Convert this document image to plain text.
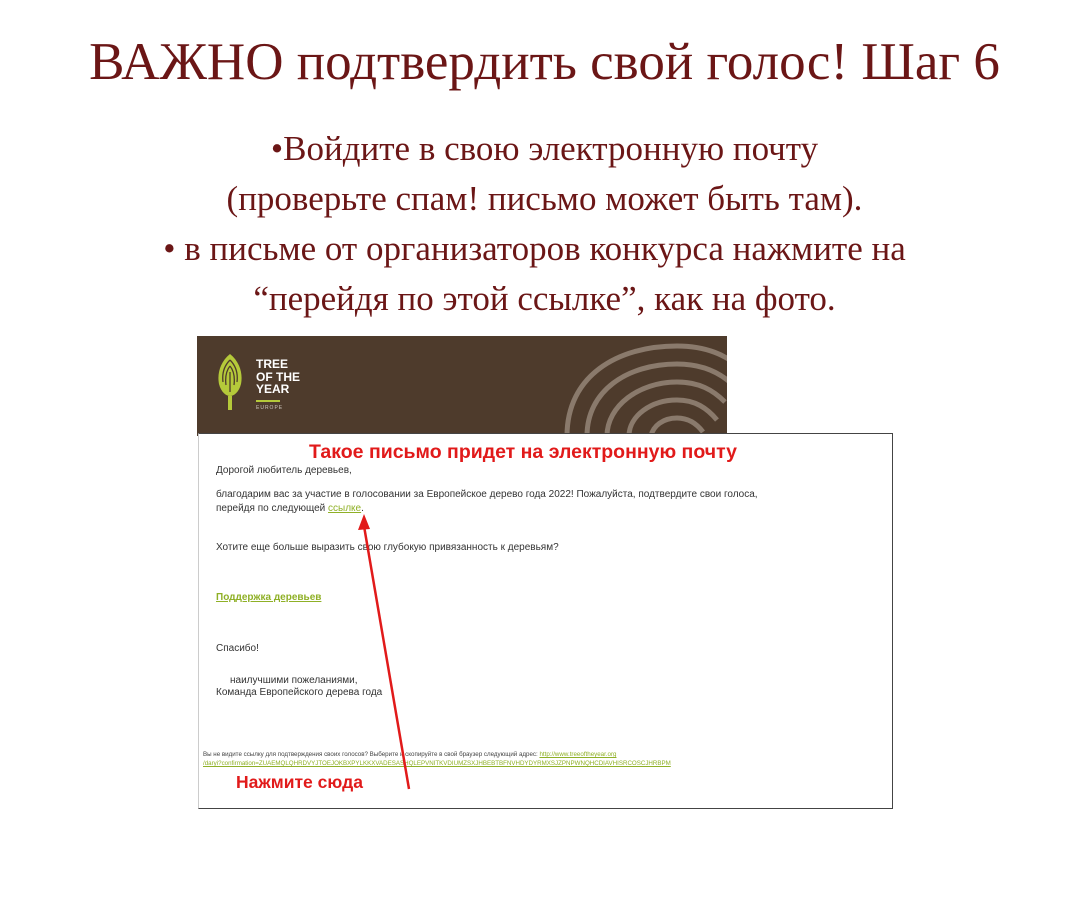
ВАЖНО подтвердить свой голос! Шаг 6
•Войдите в свою электронную почту
(проверьте спам! письмо может быть там).
• в письме от организаторов конкурса нажмите на
“перейдя по этой ссылке”, как на фото.
TREE
OF THE
YEAR
EUROPE
Такое письмо придет на электронную почту
Дорогой любитель деревьев,
благодарим вас за участие в голосовании за Европейское дерево года 2022! Пожалуйста, подтвердите свои голоса,
перейдя по следующей ссылке.
Хотите еще больше выразить свою глубокую привязанность к деревьям?
Поддержка деревьев
Спасибо!
наилучшими пожеланиями,
Команда Европейского дерева года
Вы не видите ссылку для подтверждения своих голосов? Выберите и скопируйте в свой браузер следующий адрес: http://www.treeoftheyear.org
/daryi?confirmation=ZUAEMQLQHRDVYJTOEJOKBXPYLKKXVADESASHQLEPVNITKVDIUMZSXJHBEBTBFNVHDYDYRMXSJZPNPWNQHCDIAVHISRCOSCJHRBPM
Нажмите сюда
